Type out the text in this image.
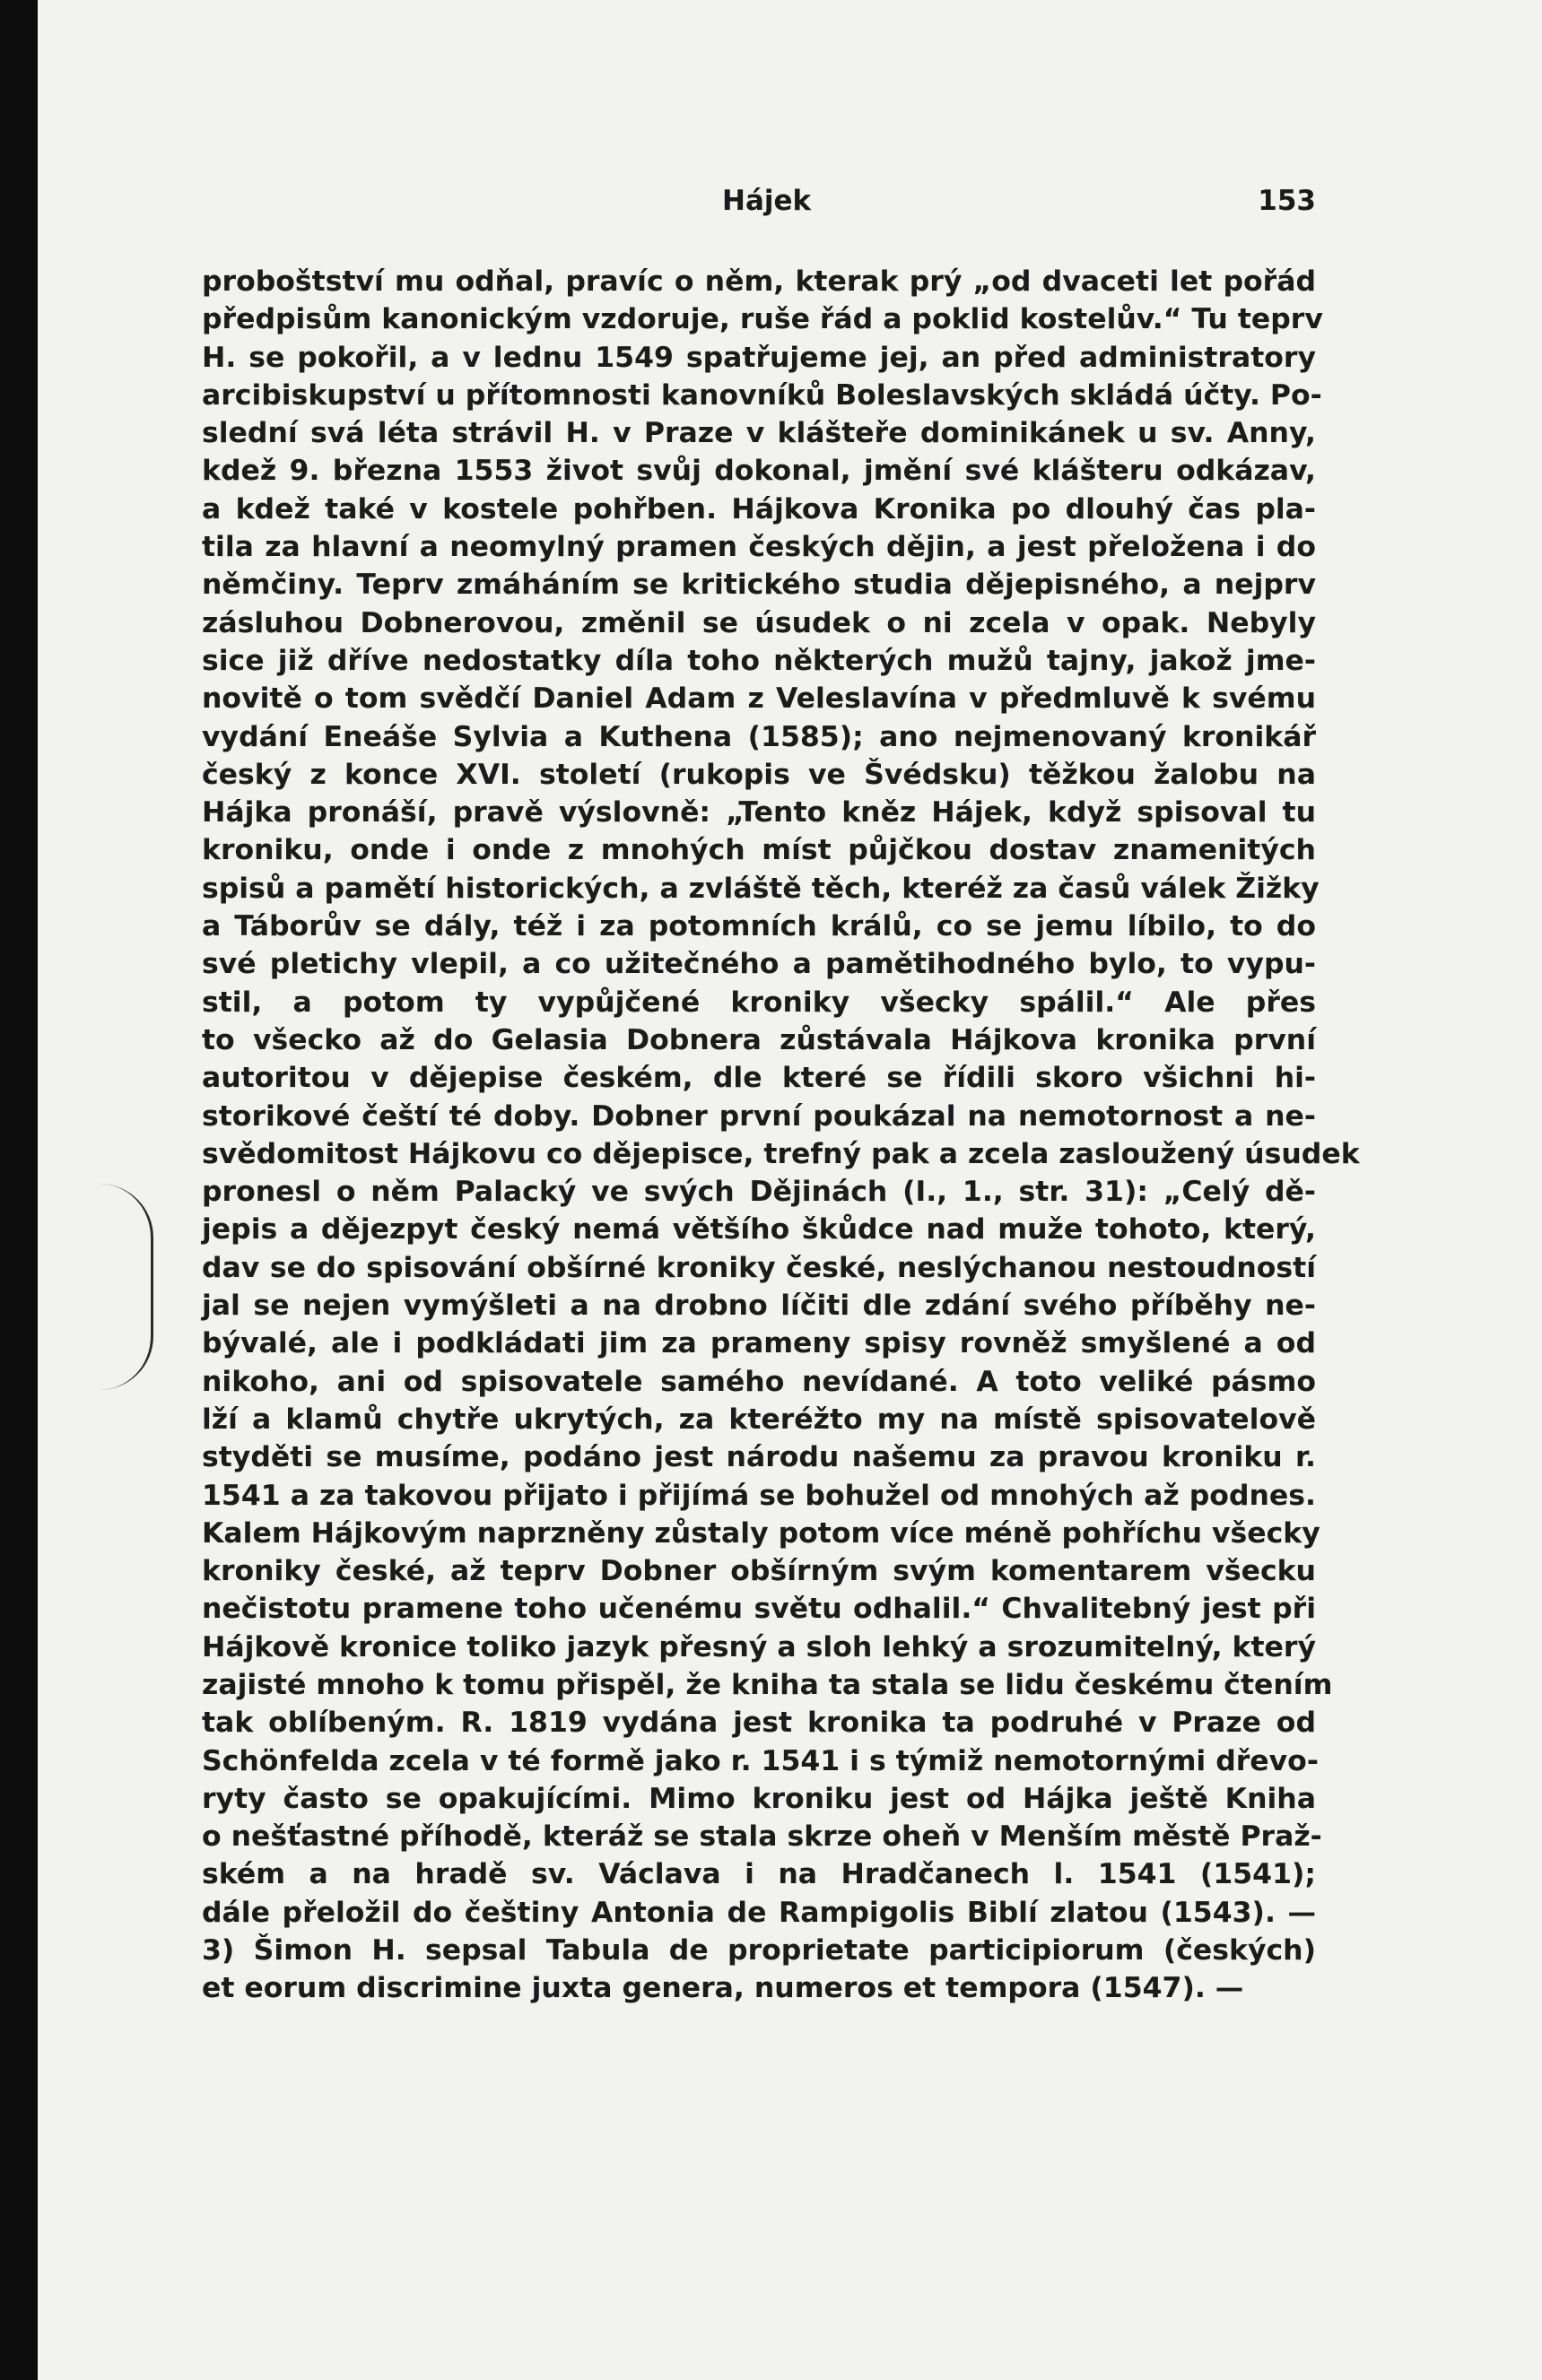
Hájek	153
proboštství mu odňal, pravíc o něm, kterak prý „od dvaceti let pořád
předpisům kanonickým vzdoruje, ruše řád a poklid kostelův.“ Tu teprv
H. se pokořil, a v lednu 1549 spatřujeme jej, an před administratory
arcibiskupství u přítomnosti kanovníků Boleslavských skládá účty. Po-
slední svá léta strávil H. v Praze v klášteře dominikánek u sv. Anny,
kdež 9. března 1553 život svůj dokonal, jmění své klášteru odkázav,
a kdež také v kostele pohřben. Hájkova Kronika po dlouhý čas pla-
tila za hlavní a neomylný pramen českých dějin, a jest přeložena i do
němčiny. Teprv zmáháním se kritického studia dějepisného, a nejprv
zásluhou Dobnerovou, změnil se úsudek o ni zcela v opak. Nebyly
sice již dříve nedostatky díla toho některých mužů tajny, jakož jme-
novitě o tom svědčí Daniel Adam z Veleslavína v předmluvě k svému
vydání Eneáše Sylvia a Kuthena (1585); ano nejmenovaný kronikář
český z konce XVI. století (rukopis ve Švédsku) těžkou žalobu na
Hájka pronáší, pravě výslovně: „Tento kněz Hájek, když spisoval tu
kroniku, onde i onde z mnohých míst půjčkou dostav znamenitých
spisů a pamětí historických, a zvláště těch, kteréž za časů válek Žižky
a Táborův se dály, též i za potomních králů, co se jemu líbilo, to do
své pletichy vlepil, a co užitečného a pamětihodného bylo, to vypu-
stil, a potom ty vypůjčené kroniky všecky spálil.“ Ale přes
to všecko až do Gelasia Dobnera zůstávala Hájkova kronika první
autoritou v dějepise českém, dle které se řídili skoro všichni hi-
storikové čeští té doby. Dobner první poukázal na nemotornost a ne-
svědomitost Hájkovu co dějepisce, trefný pak a zcela zasloužený úsudek
pronesl o něm Palacký ve svých Dějinách (I., 1., str. 31): „Celý dě-
jepis a dějezpyt český nemá většího škůdce nad muže tohoto, který,
dav se do spisování obšírné kroniky české, neslýchanou nestoudností
jal se nejen vymýšleti a na drobno líčiti dle zdání svého příběhy ne-
bývalé, ale i podkládati jim za prameny spisy rovněž smyšlené a od
nikoho, ani od spisovatele samého nevídané. A toto veliké pásmo
lží a klamů chytře ukrytých, za kteréžto my na místě spisovatelově
styděti se musíme, podáno jest národu našemu za pravou kroniku r.
1541 a za takovou přijato i přijímá se bohužel od mnohých až podnes.
Kalem Hájkovým naprzněny zůstaly potom více méně pohříchu všecky
kroniky české, až teprv Dobner obšírným svým komentarem všecku
nečistotu pramene toho učenému světu odhalil.“ Chvalitebný jest při
Hájkově kronice toliko jazyk přesný a sloh lehký a srozumitelný, který
zajisté mnoho k tomu přispěl, že kniha ta stala se lidu českému čtením
tak oblíbeným. R. 1819 vydána jest kronika ta podruhé v Praze od
Schönfelda zcela v té formě jako r. 1541 i s týmiž nemotornými dřevo-
ryty často se opakujícími. Mimo kroniku jest od Hájka ještě Kniha
o nešťastné příhodě, kteráž se stala skrze oheň v Menším městě Praž-
ském a na hradě sv. Václava i na Hradčanech l. 1541 (1541);
dále přeložil do češtiny Antonia de Rampigolis Biblí zlatou (1543). —
3) Šimon H. sepsal Tabula de proprietate participiorum (českých)
et eorum discrimine juxta genera, numeros et tempora (1547). —
